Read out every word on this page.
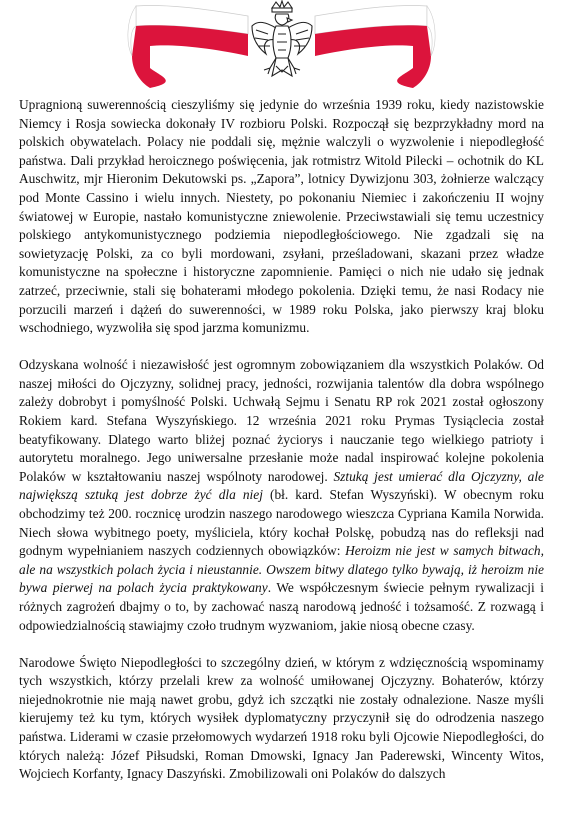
Upragnioną suwerennością cieszyliśmy się jedynie do września 1939 roku, kiedy nazistowskie Niemcy i Rosja sowiecka dokonały IV rozbioru Polski. Rozpoczął się bezprzykładny mord na polskich obywatelach. Polacy nie poddali się, mężnie walczyli o wyzwolenie i niepodległość państwa. Dali przykład heroicznego poświęcenia, jak rotmistrz Witold Pilecki – ochotnik do KL Auschwitz, mjr Hieronim Dekutowski ps. „Zapora”, lotnicy Dywizjonu 303, żołnierze walczący pod Monte Cassino i wielu innych. Niestety, po pokonaniu Niemiec i zakończeniu II wojny światowej w Europie, nastało komunistyczne zniewolenie. Przeciwstawiali się temu uczestnicy polskiego antykomunistycznego podziemia niepodległościowego. Nie zgadzali się na sowietyzację Polski, za co byli mordowani, zsyłani, prześladowani, skazani przez władze komunistyczne na społeczne i historyczne zapomnienie. Pamięci o nich nie udało się jednak zatrzeć, przeciwnie, stali się bohaterami młodego pokolenia. Dzięki temu, że nasi Rodacy nie porzucili marzeń i dążeń do suwerenności, w 1989 roku Polska, jako pierwszy kraj bloku wschodniego, wyzwoliła się spod jarzma komunizmu.

Odzyskana wolność i niezawisłość jest ogromnym zobowiązaniem dla wszystkich Polaków. Od naszej miłości do Ojczyzny, solidnej pracy, jedności, rozwijania talentów dla dobra wspólnego zależy dobrobyt i pomyślność Polski. Uchwałą Sejmu i Senatu RP rok 2021 został ogłoszony Rokiem kard. Stefana Wyszyńskiego. 12 września 2021 roku Prymas Tysiąclecia został beatyfikowany. Dlatego warto bliżej poznać życiorys i nauczanie tego wielkiego patrioty i autorytetu moralnego. Jego uniwersalne przesłanie może nadal inspirować kolejne pokolenia Polaków w kształtowaniu naszej wspólnoty narodowej. Sztuką jest umierać dla Ojczyzny, ale największą sztuką jest dobrze żyć dla niej (bł. kard. Stefan Wyszyński). W obecnym roku obchodzimy też 200. rocznicę urodzin naszego narodowego wieszcza Cypriana Kamila Norwida. Niech słowa wybitnego poety, myśliciela, który kochał Polskę, pobudzą nas do refleksji nad godnym wypełnianiem naszych codziennych obowiązków: Heroizm nie jest w samych bitwach, ale na wszystkich polach życia i nieustannie. Owszem bitwy dlatego tylko bywają, iż heroizm nie bywa pierwej na polach życia praktykowany. We współczesnym świecie pełnym rywalizacji i różnych zagrożeń dbajmy o to, by zachować naszą narodową jedność i tożsamość. Z rozwagą i odpowiedzialnością stawiajmy czoło trudnym wyzwaniom, jakie niosą obecne czasy.

Narodowe Święto Niepodległości to szczególny dzień, w którym z wdzięcznością wspominamy tych wszystkich, którzy przelali krew za wolność umiłowanej Ojczyzny. Bohaterów, którzy niejednokrotnie nie mają nawet grobu, gdyż ich szczątki nie zostały odnalezione. Nasze myśli kierujemy też ku tym, których wysiłek dyplomatyczny przyczynił się do odrodzenia naszego państwa. Liderami w czasie przełomowych wydarzeń 1918 roku byli Ojcowie Niepodległości, do których należą: Józef Piłsudski, Roman Dmowski, Ignacy Jan Paderewski, Wincenty Witos, Wojciech Korfanty, Ignacy Daszyński. Zmobilizowali oni Polaków do dalszych
